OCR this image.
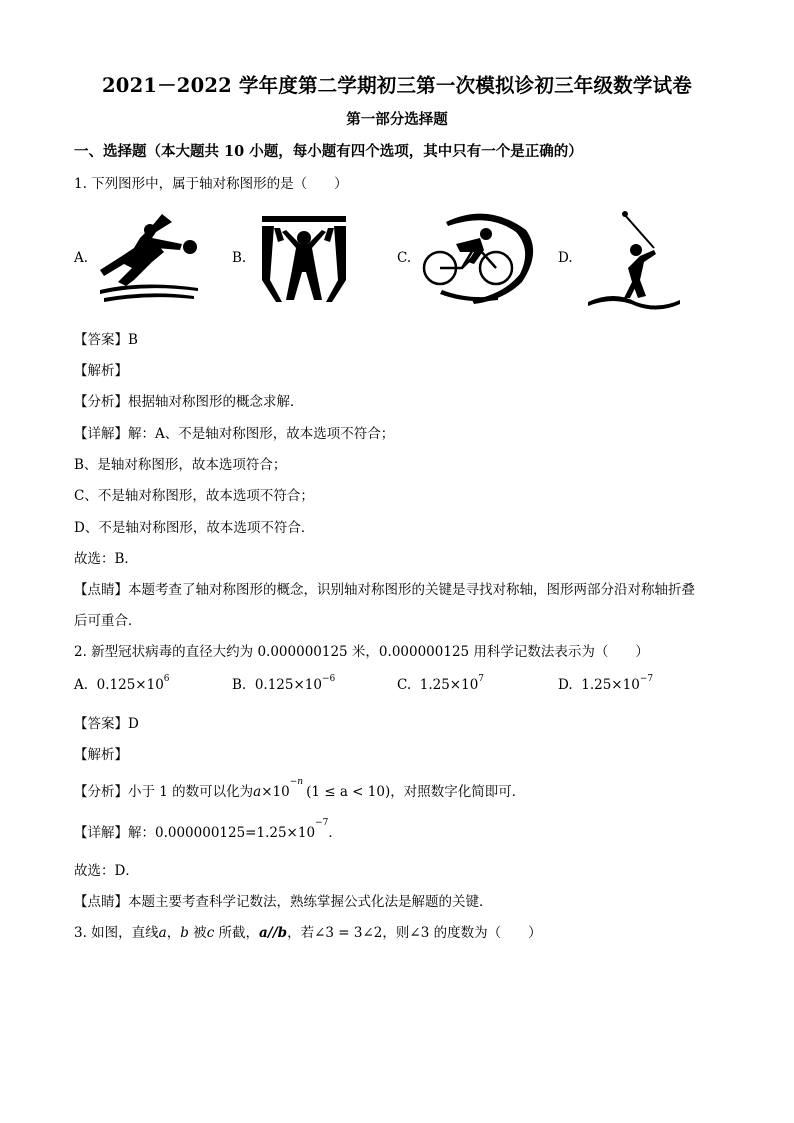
2021－2022 学年度第二学期初三第一次模拟诊初三年级数学试卷
第一部分选择题
一、选择题（本大题共 10 小题，每小题有四个选项，其中只有一个是正确的）
1. 下列图形中，属于轴对称图形的是（　　）
A.	B.	C.	D.
【答案】B
【解析】
【分析】根据轴对称图形的概念求解．
【详解】解：A、不是轴对称图形，故本选项不符合；
B、是轴对称图形，故本选项符合；
C、不是轴对称图形，故本选项不符合；
D、不是轴对称图形，故本选项不符合．
故选：B．
【点睛】本题考查了轴对称图形的概念，识别轴对称图形的关键是寻找对称轴，图形两部分沿对称轴折叠
后可重合．
2. 新型冠状病毒的直径大约为 0.000000125 米，0.000000125 用科学记数法表示为（　　）
A. $0.125\times 10^6$	B. $0.125\times 10^{-6}$	C. $1.25\times 10^7$	D. $1.25\times 10^{-7}$
【答案】D
【解析】
【分析】小于 1 的数可以化为$a\times 10^{-n}(1 \le a < 10)$，对照数字化简即可．
【详解】解：$0.000000125=1.25\times 10^{-7}$．
故选：D．
【点睛】本题主要考查科学记数法，熟练掌握公式化法是解题的关键．
3. 如图，直线a，b 被c 所截，a//b，若∠3 = 3∠2，则∠3 的度数为（　　）
